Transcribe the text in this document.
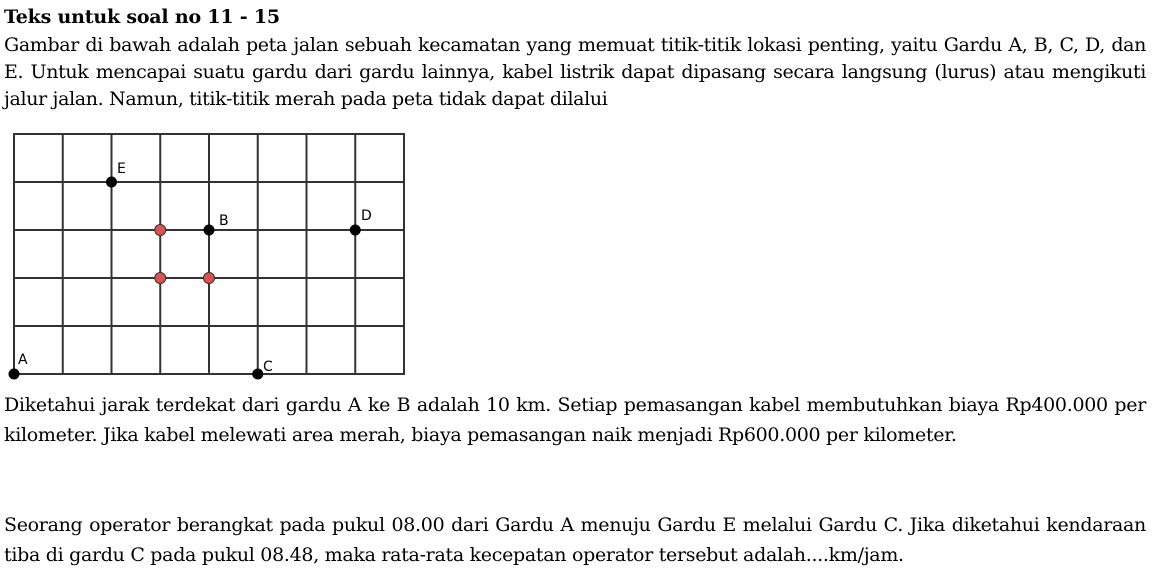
Teks untuk soal no 11 - 15

Gambar di bawah adalah peta jalan sebuah kecamatan yang memuat titik-titik lokasi penting, yaitu Gardu A, B, C, D, dan E. Untuk mencapai suatu gardu dari gardu lainnya, kabel listrik dapat dipasang secara langsung (lurus) atau mengikuti jalur jalan. Namun, titik-titik merah pada peta tidak dapat dilalui

A
B
C
D
E

Diketahui jarak terdekat dari gardu A ke B adalah 10 km. Setiap pemasangan kabel membutuhkan biaya Rp400.000 per kilometer. Jika kabel melewati area merah, biaya pemasangan naik menjadi Rp600.000 per kilometer.

Seorang operator berangkat pada pukul 08.00 dari Gardu A menuju Gardu E melalui Gardu C. Jika diketahui kendaraan tiba di gardu C pada pukul 08.48, maka rata-rata kecepatan operator tersebut adalah....km/jam.
